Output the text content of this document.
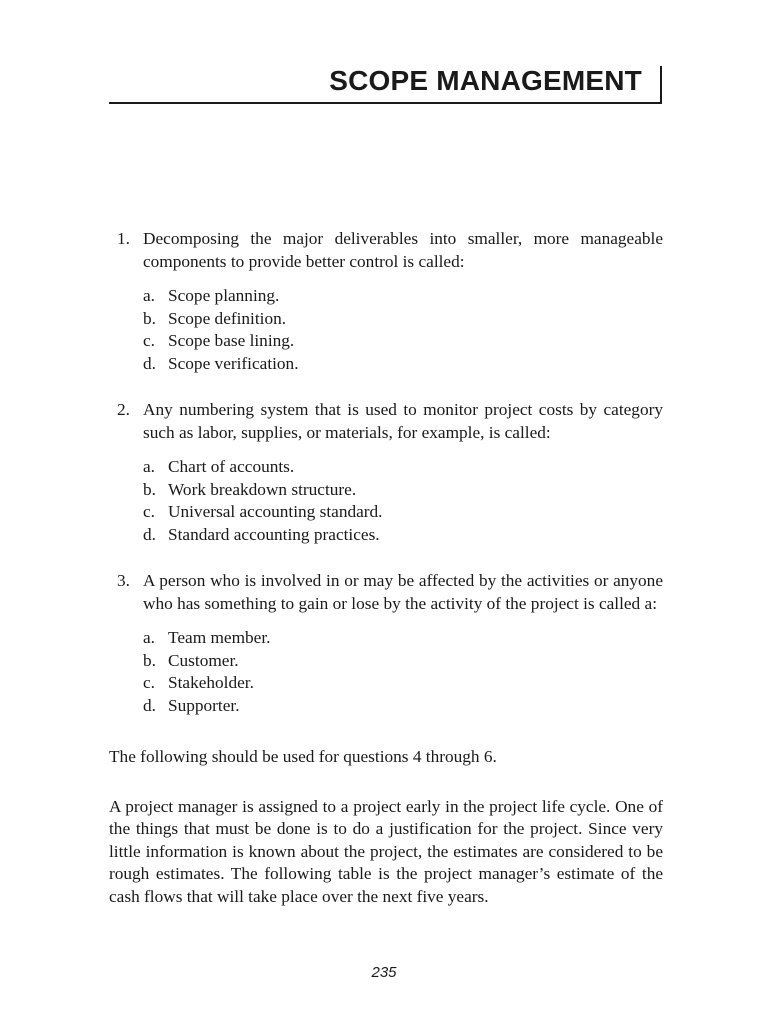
SCOPE MANAGEMENT
1. Decomposing the major deliverables into smaller, more manageable components to provide better control is called:

a. Scope planning.
b. Scope definition.
c. Scope base lining.
d. Scope verification.
2. Any numbering system that is used to monitor project costs by category such as labor, supplies, or materials, for example, is called:

a. Chart of accounts.
b. Work breakdown structure.
c. Universal accounting standard.
d. Standard accounting practices.
3. A person who is involved in or may be affected by the activities or anyone who has something to gain or lose by the activity of the project is called a:

a. Team member.
b. Customer.
c. Stakeholder.
d. Supporter.

The following should be used for questions 4 through 6.

A project manager is assigned to a project early in the project life cycle. One of the things that must be done is to do a justification for the project. Since very little information is known about the project, the estimates are considered to be rough estimates. The following table is the project manager’s estimate of the cash flows that will take place over the next five years.

235
